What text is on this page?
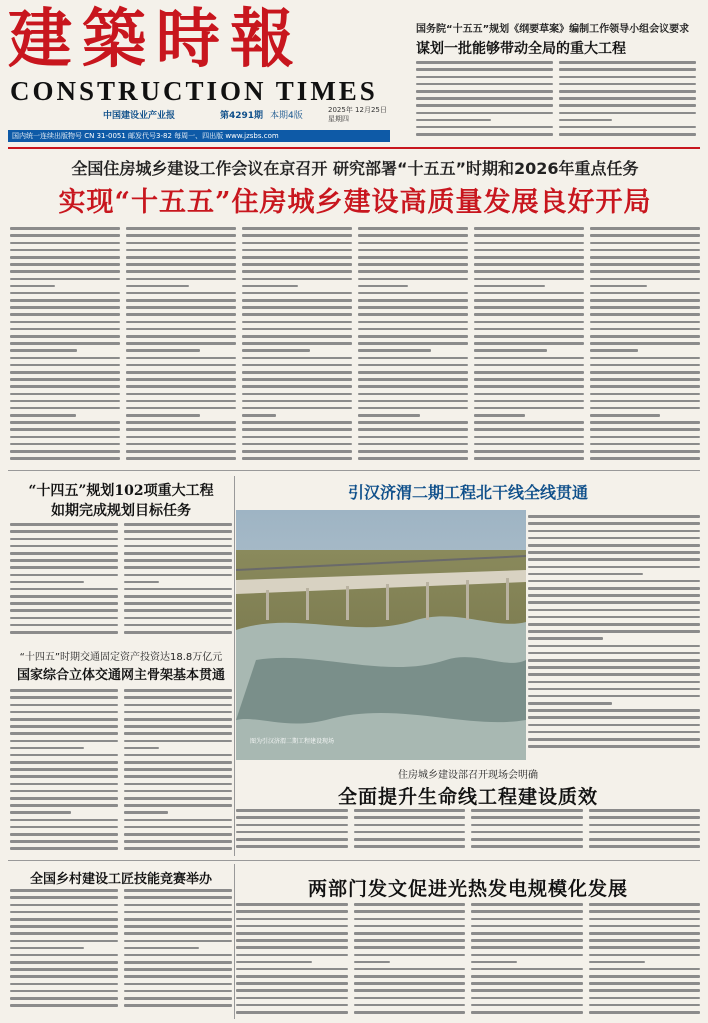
建 築 時 報
CONSTRUCTION TIMES
中国建设业产业报	第4291期 本期4版
2025年 12月25日 星期四
国内统一连续出版物号 CN 31-0051 邮发代号3-82 每周一、四出版 www.jzsbs.com
国务院“十五五”规划《纲要草案》编制工作领导小组会议要求
谋划一批能够带动全局的重大工程
全国住房城乡建设工作会议在京召开 研究部署“十五五”时期和2026年重点任务
实现“十五五”住房城乡建设高质量发展良好开局
“十四五”规划102项重大工程
如期完成规划目标任务
“十四五”时期交通固定资产投资达18.8万亿元
国家综合立体交通网主骨架基本贯通
引汉济渭二期工程北干线全线贯通
图为引汉济渭二期工程建设现场
住房城乡建设部召开现场会明确
全面提升生命线工程建设质效
全国乡村建设工匠技能竞赛举办	两部门发文促进光热发电规模化发展
